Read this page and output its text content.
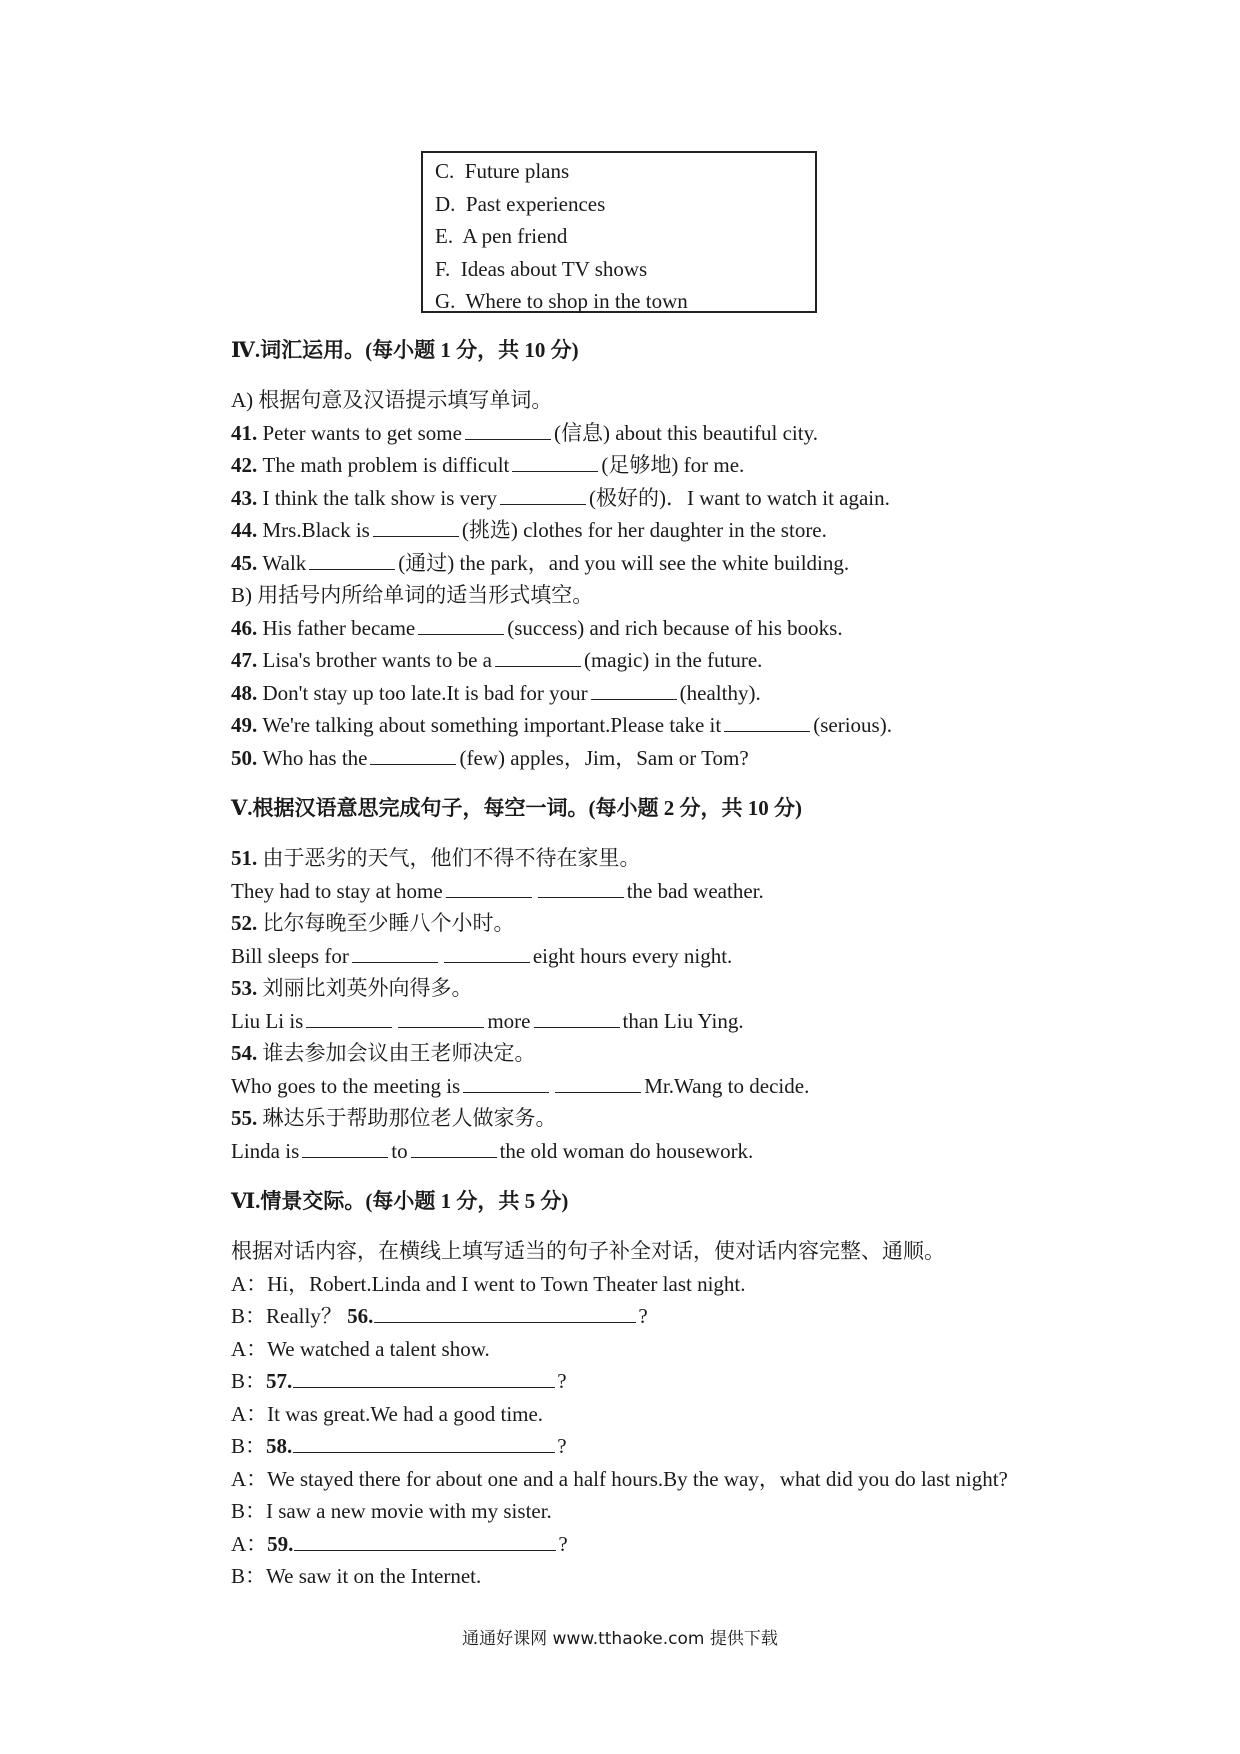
C. Future plans
D. Past experiences
E. A pen friend
F. Ideas about TV shows
G. Where to shop in the town
Ⅳ.词汇运用。(每小题 1 分，共 10 分)
A) 根据句意及汉语提示填写单词。
41. Peter wants to get some	(信息) about this beautiful city.
42. The math problem is difficult	(足够地) for me.
43. I think the talk show is very	(极好的)．I want to watch it again.
44. Mrs.Black is	(挑选) clothes for her daughter in the store.
45. Walk	(通过) the park，and you will see the white building.
B) 用括号内所给单词的适当形式填空。
46. His father became	(success) and rich because of his books.
47. Lisa's brother wants to be a	(magic) in the future.
48. Don't stay up too late.It is bad for your	(healthy).
49. We're talking about something important.Please take it	(serious).
50. Who has the	(few) apples，Jim，Sam or Tom?
Ⅴ.根据汉语意思完成句子，每空一词。(每小题 2 分，共 10 分)
51. 由于恶劣的天气，他们不得不待在家里。
They had to stay at home	the bad weather.
52. 比尔每晚至少睡八个小时。
Bill sleeps for	eight hours every night.
53. 刘丽比刘英外向得多。
Liu Li is	more	than Liu Ying.
54. 谁去参加会议由王老师决定。
Who goes to the meeting is	Mr.Wang to decide.
55. 琳达乐于帮助那位老人做家务。
Linda is	to	the old woman do housework.
Ⅵ.情景交际。(每小题 1 分，共 5 分)
根据对话内容，在横线上填写适当的句子补全对话，使对话内容完整、通顺。
A：Hi，Robert.Linda and I went to Town Theater last night.
B：Really？ 56.	?
A：We watched a talent show.
B：57.	?
A：It was great.We had a good time.
B：58.	?
A：We stayed there for about one and a half hours.By the way，what did you do last night?
B：I saw a new movie with my sister.
A：59.	?
B：We saw it on the Internet.
通通好课网 www.tthaoke.com 提供下载
